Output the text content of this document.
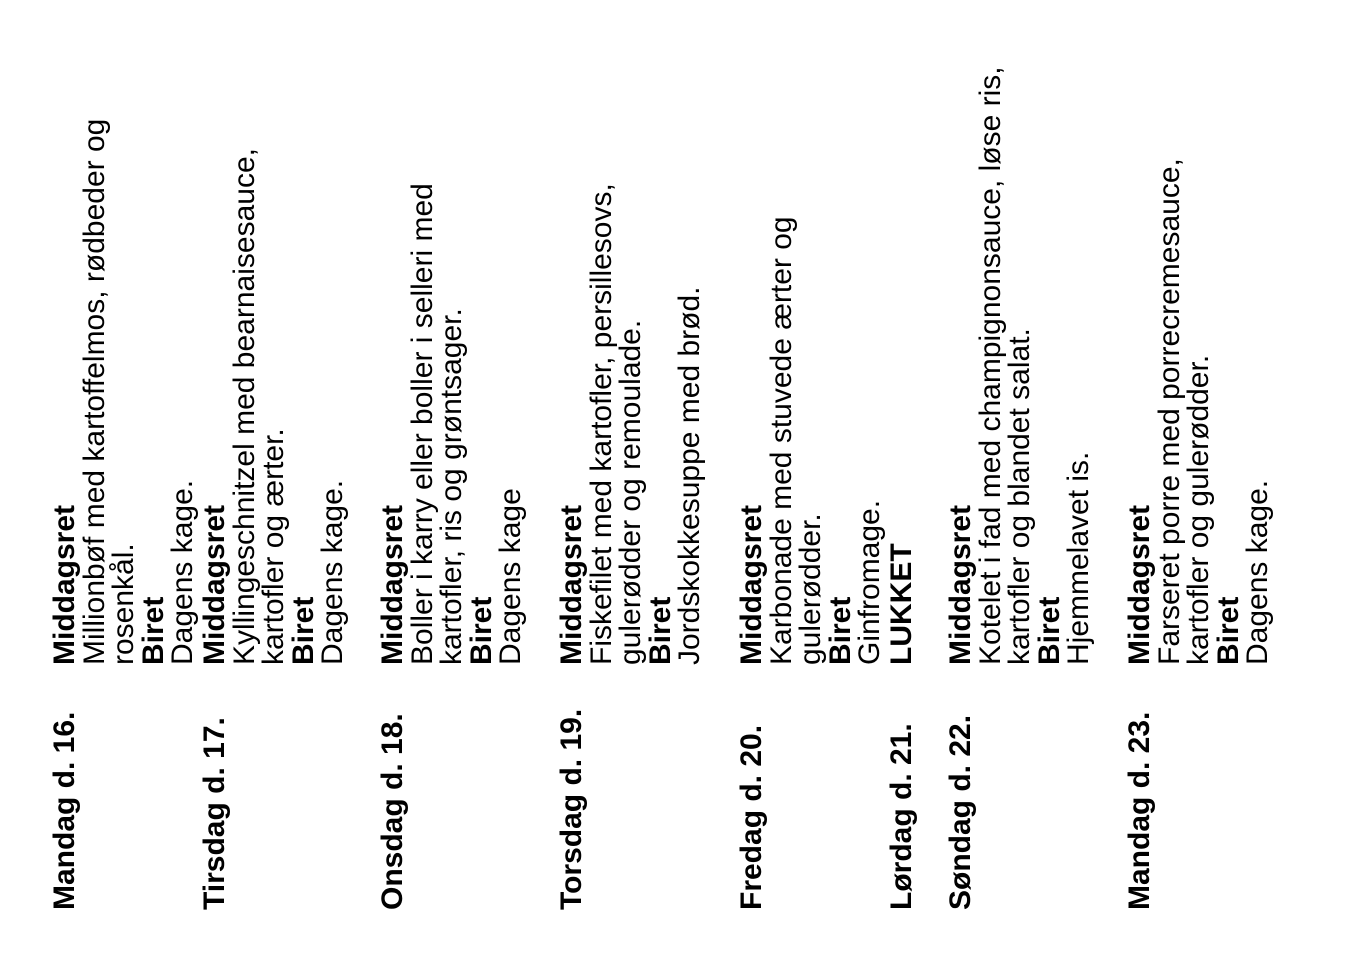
Mandag d. 16.
Middagsret
Millionbøf med kartoffelmos, rødbeder og rosenkål.
Biret
Dagens kage.
Tirsdag d. 17.
Middagsret
Kyllingeschnitzel med bearnaisesauce, kartofler og ærter.
Biret
Dagens kage.
Onsdag d. 18.
Middagsret
Boller i karry eller boller i selleri med kartofler, ris og grøntsager.
Biret
Dagens kage
Torsdag d. 19.
Middagsret
Fiskefilet med kartofler, persillesovs, gulerødder og remoulade.
Biret
Jordskokkesuppe med brød.
Fredag d. 20.
Middagsret
Karbonade med stuvede ærter og gulerødder.
Biret
Ginfromage.
Lørdag d. 21.
LUKKET
Søndag d. 22.
Middagsret
Kotelet i fad med champignonsauce, løse ris, kartofler og blandet salat.
Biret
Hjemmelavet is.
Mandag d. 23.
Middagsret
Farseret porre med porrecremesauce, kartofler og gulerødder.
Biret
Dagens kage.
